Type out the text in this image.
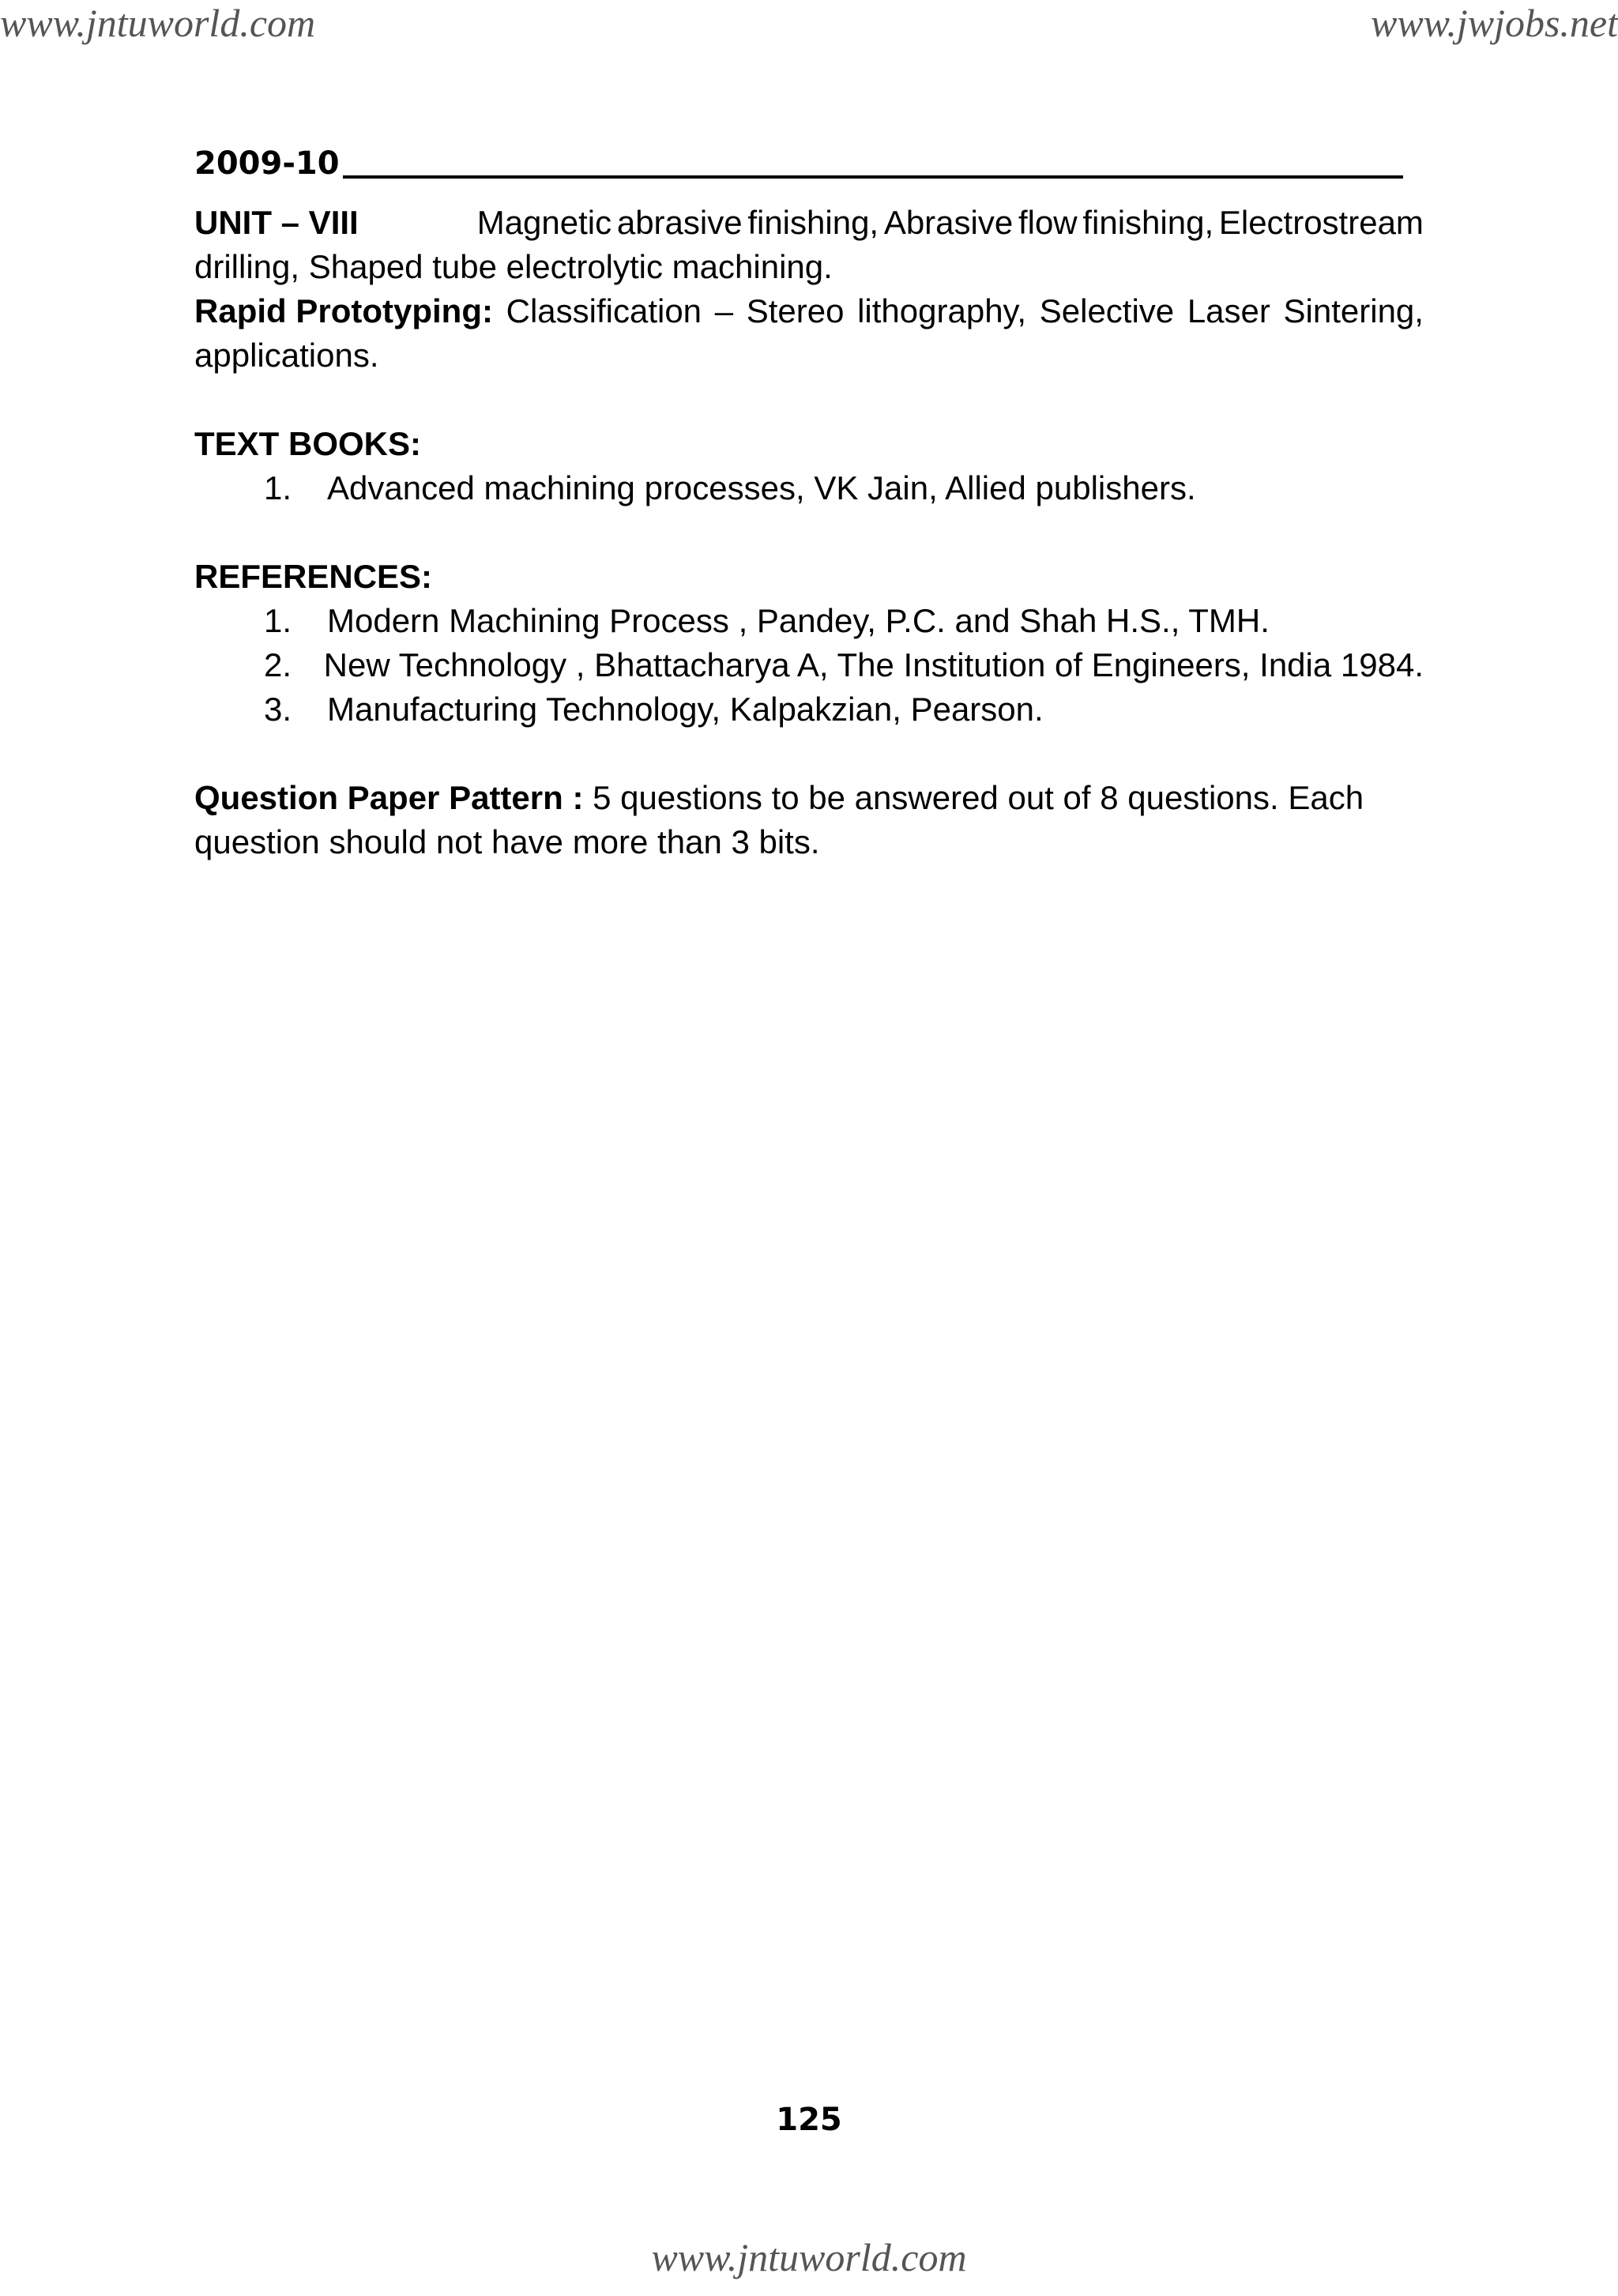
www.jntuworld.com	www.jwjobs.net
2009-10
UNIT – VIII	Magnetic abrasive finishing, Abrasive flow finishing, Electrostream
drilling, Shaped tube electrolytic machining.
Rapid Prototyping: Classification – Stereo lithography, Selective Laser Sintering,
applications.
TEXT BOOKS:
1.	Advanced machining processes, VK Jain, Allied publishers.
REFERENCES:
1.	Modern Machining Process , Pandey, P.C. and Shah H.S., TMH.
2. New Technology , Bhattacharya A, The Institution of Engineers, India 1984.
3.	Manufacturing Technology, Kalpakzian, Pearson.
Question Paper Pattern :
5 questions to be answered out of 8 questions. Each
question should not have more than 3 bits.
125
www.jntuworld.com
